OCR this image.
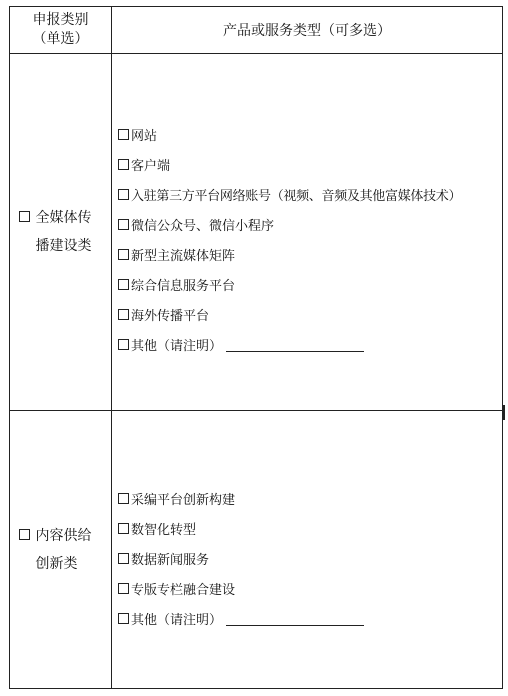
申报类别
（单选）	产品或服务类型（可多选）
全媒体传
播建设类
网站
客户端
入驻第三方平台网络账号（视频、音频及其他富媒体技术）
微信公众号、微信小程序
新型主流媒体矩阵
综合信息服务平台
海外传播平台
其他（请注明）
内容供给
创新类
采编平台创新构建
数智化转型
数据新闻服务
专版专栏融合建设
其他（请注明）
